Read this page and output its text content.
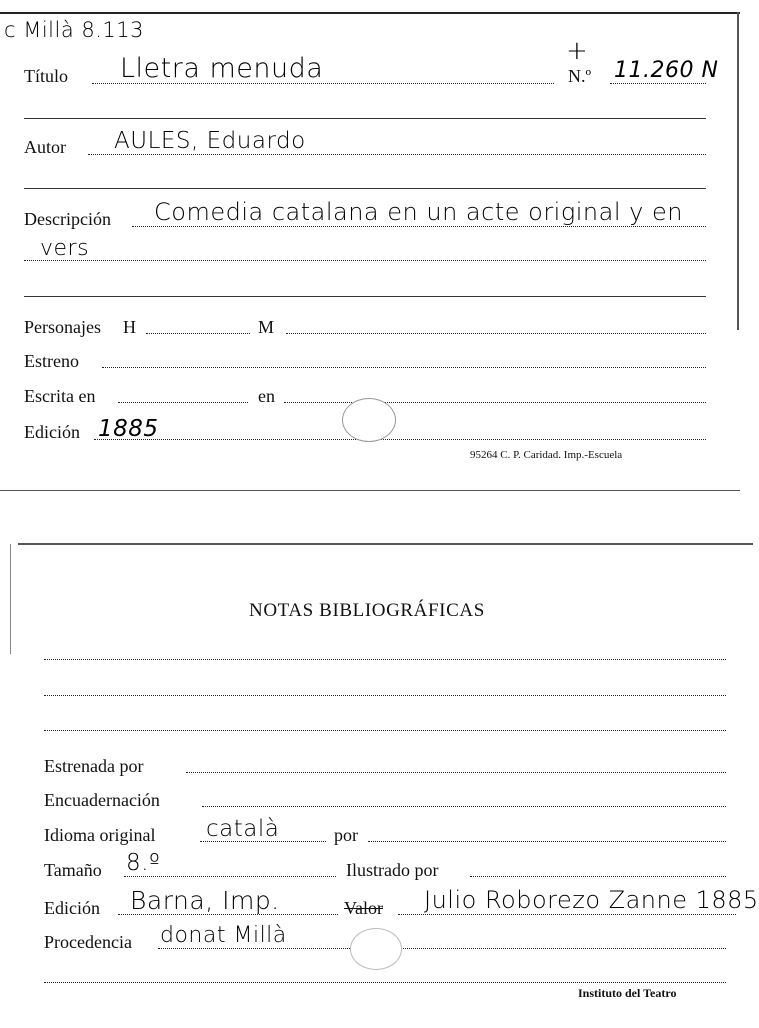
c Millà 8.113
Título Lletra menuda
+
N.º 11.260 N
Autor AULES, Eduardo
Descripción Comedia catalana en un acte original y en
vers
Personajes H	M
Estreno
Escrita en	en
Edición 1885
95264 C. P. Caridad. Imp.-Escuela
NOTAS BIBLIOGRÁFICAS
Estrenada por
Encuadernación
Idioma original català	por
Tamaño 8.º	Ilustrado por
Edición Barna, Imp.	Valor Julio Roborezo Zanne 1885
Procedencia donat Millà
Instituto del Teatro
